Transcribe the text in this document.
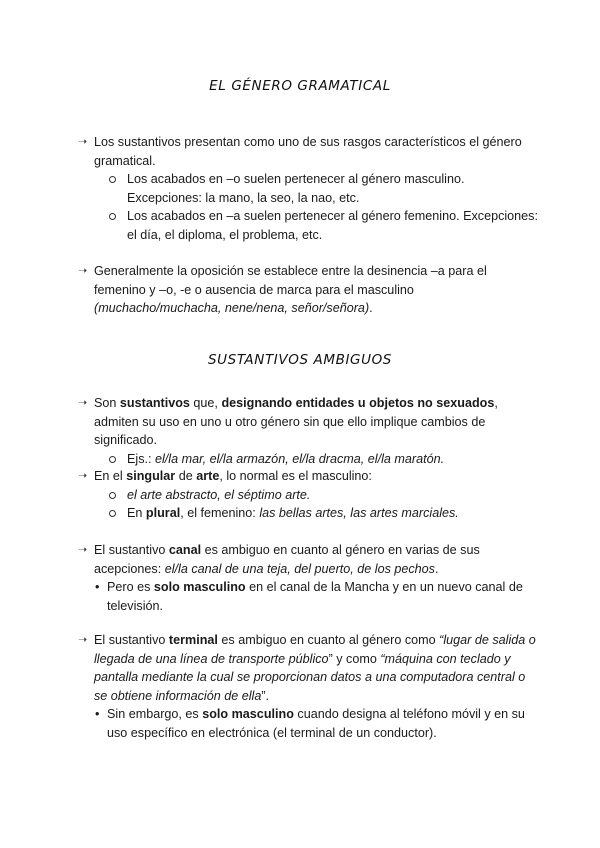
EL GÉNERO GRAMATICAL
➝ Los sustantivos presentan como uno de sus rasgos característicos el género gramatical.
Los acabados en –o suelen pertenecer al género masculino. Excepciones: la mano, la seo, la nao, etc.
Los acabados en –a suelen pertenecer al género femenino. Excepciones: el día, el diploma, el problema, etc.
➝ Generalmente la oposición se establece entre la desinencia –a para el femenino y –o, -e o ausencia de marca para el masculino (muchacho/muchacha, nene/nena, señor/señora).
SUSTANTIVOS AMBIGUOS
➝ Son sustantivos que, designando entidades u objetos no sexuados, admiten su uso en uno u otro género sin que ello implique cambios de significado.
Ejs.: el/la mar, el/la armazón, el/la dracma, el/la maratón.
➝ En el singular de arte, lo normal es el masculino:
el arte abstracto, el séptimo arte.
En plural, el femenino: las bellas artes, las artes marciales.
➝ El sustantivo canal es ambiguo en cuanto al género en varias de sus acepciones: el/la canal de una teja, del puerto, de los pechos.
• Pero es solo masculino en el canal de la Mancha y en un nuevo canal de televisión.
➝ El sustantivo terminal es ambiguo en cuanto al género como “lugar de salida o llegada de una línea de transporte público” y como “máquina con teclado y pantalla mediante la cual se proporcionan datos a una computadora central o se obtiene información de ella”.
• Sin embargo, es solo masculino cuando designa al teléfono móvil y en su uso específico en electrónica (el terminal de un conductor).
